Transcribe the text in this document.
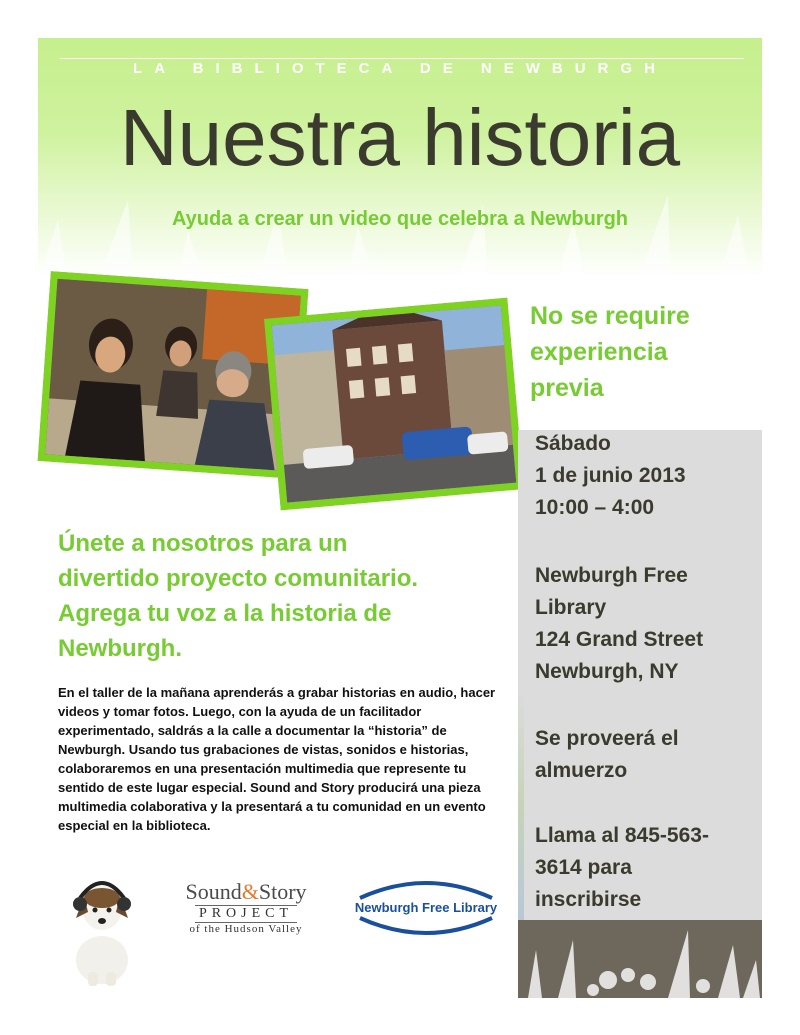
LA BIBLIOTECA DE NEWBURGH
Nuestra historia
Ayuda a crear un video que celebra a Newburgh
No se require
experiencia
previa
Sábado
1 de junio 2013
10:00 – 4:00
Newburgh Free
Library
124 Grand Street
Newburgh, NY
Se proveerá el
almuerzo
Llama al 845-563-
3614 para
inscribirse
Únete a nosotros para un
divertido proyecto comunitario.
Agrega tu voz a la historia de
Newburgh.
En el taller de la mañana aprenderás a grabar historias en audio, hacer videos y tomar fotos. Luego, con la ayuda de un facilitador experimentado, saldrás a la calle a documentar la “historia” de Newburgh. Usando tus grabaciones de vistas, sonidos e historias, colaboraremos en una presentación multimedia que represente tu sentido de este lugar especial. Sound and Story producirá una pieza multimedia colaborativa y la presentará a tu comunidad en un evento especial en la biblioteca.
Sound&Story
PROJECT
of the Hudson Valley
Newburgh Free Library
